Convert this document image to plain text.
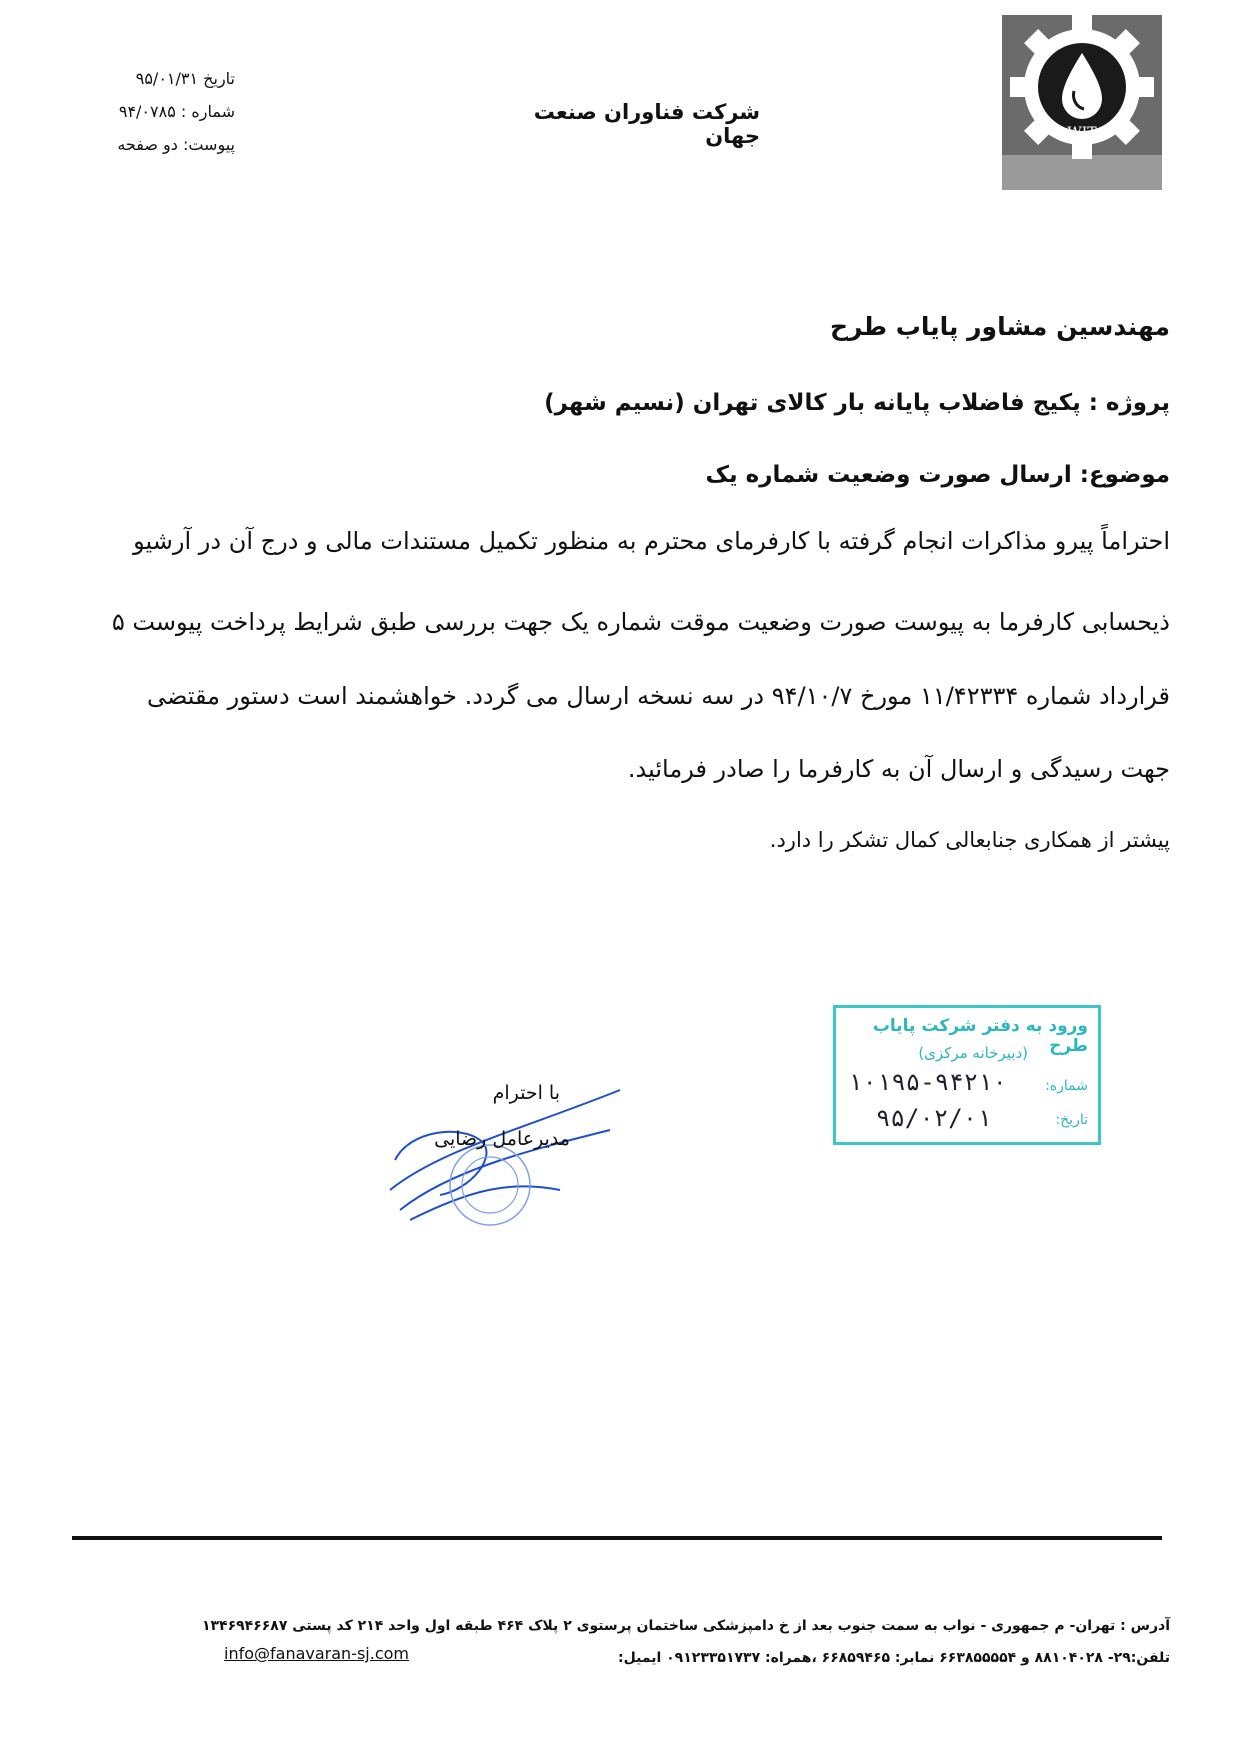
تاریخ ۹۵/۰۱/۳۱
شماره : ۹۴/۰۷۸۵
پیوست: دو صفحه
شرکت فناوران صنعت جهان	WIT
مهندسین مشاور پایاب طرح
پروژه : پکیج فاضلاب پایانه بار کالای تهران (نسیم شهر)
موضوع: ارسال صورت وضعیت شماره یک
احتراماً پیرو مذاکرات انجام گرفته با کارفرمای محترم به منظور تکمیل مستندات مالی و درج آن در آرشیو
ذیحسابی کارفرما به پیوست صورت وضعیت موقت شماره یک جهت بررسی طبق شرایط پرداخت پیوست ۵
قرارداد شماره ۱۱/۴۲۳۳۴ مورخ ۹۴/۱۰/۷ در سه نسخه ارسال می گردد. خواهشمند است دستور مقتضی
جهت رسیدگی و ارسال آن به کارفرما را صادر فرمائید.
پیشتر از همکاری جنابعالی کمال تشکر را دارد.
با احترام
مدیرعامل رضایی
ورود به دفتر شرکت پایاب طرح
(دبیرخانه مرکزی)
شماره:
۱۰۱۹۵-۹۴۲۱۰
تاریخ:
۹۵/۰۲/۰۱
آدرس : تهران- م جمهوری - نواب به سمت جنوب بعد از خ دامپزشکی ساختمان پرستوی ۲ پلاک ۴۶۴ طبقه اول واحد ۲۱۴ کد پستی ۱۳۴۶۹۴۶۶۸۷
تلفن:۲۹- ۸۸۱۰۴۰۲۸ و ۶۶۳۸۵۵۵۵۴ نمابر: ۶۶۸۵۹۴۶۵ ،همراه: ۰۹۱۲۳۳۵۱۷۳۷ ایمیل:
info@fanavaran-sj.com
